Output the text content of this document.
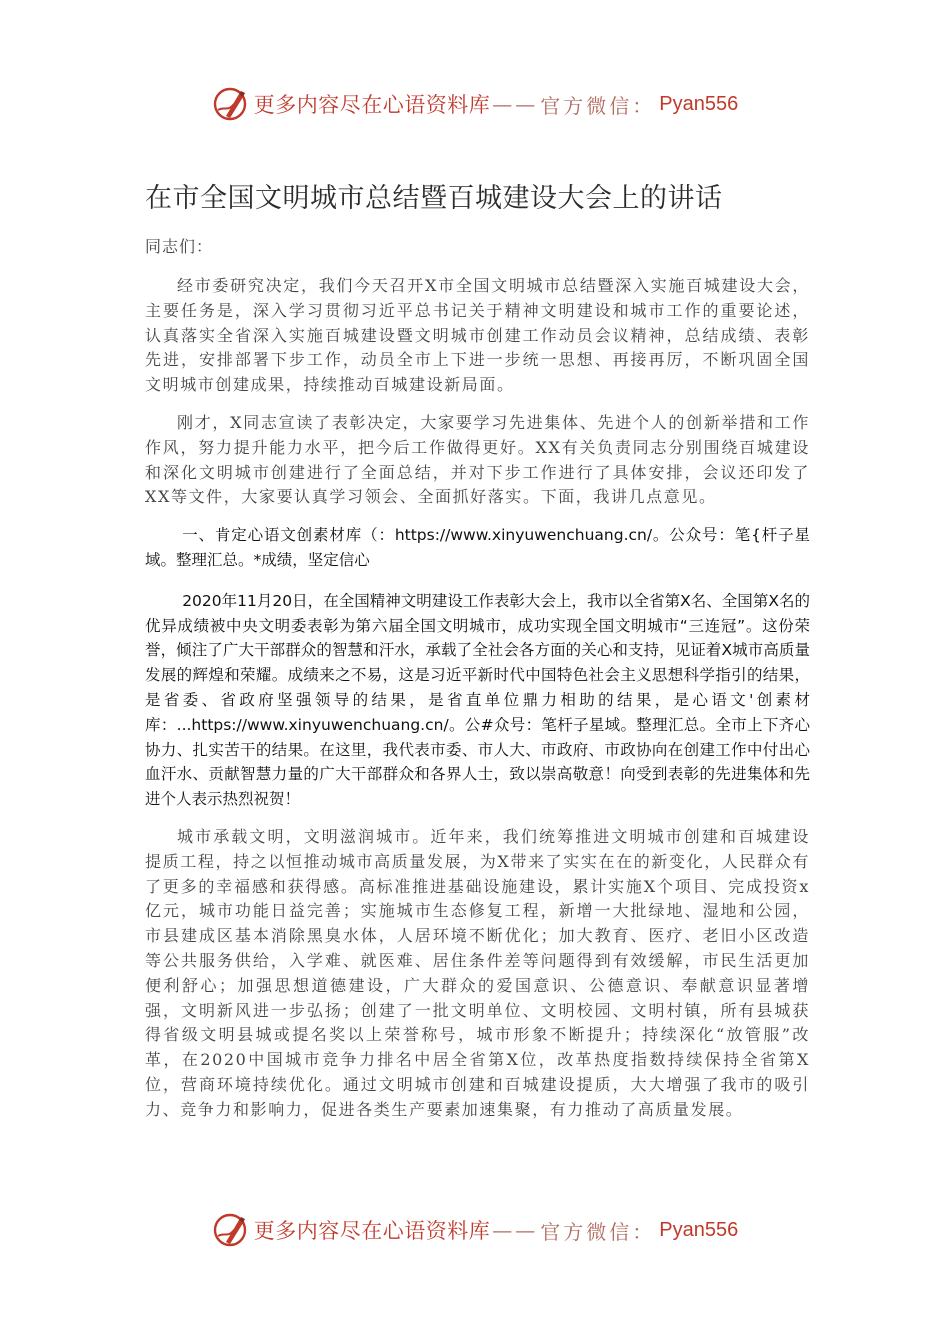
更多内容尽在心语资料库 —— 官方微信： Pyan556
在市全国文明城市总结暨百城建设大会上的讲话

同志们：

经市委研究决定，我们今天召开X市全国文明城市总结暨深入实施百城建设大会，主要任务是，深入学习贯彻习近平总书记关于精神文明建设和城市工作的重要论述，认真落实全省深入实施百城建设暨文明城市创建工作动员会议精神，总结成绩、表彰先进，安排部署下步工作，动员全市上下进一步统一思想、再接再厉，不断巩固全国文明城市创建成果，持续推动百城建设新局面。

刚才，X同志宣读了表彰决定，大家要学习先进集体、先进个人的创新举措和工作作风，努力提升能力水平，把今后工作做得更好。XX有关负责同志分别围绕百城建设和深化文明城市创建进行了全面总结，并对下步工作进行了具体安排，会议还印发了XX等文件，大家要认真学习领会、全面抓好落实。下面，我讲几点意见。

一、肯定心语文创素材库（：https://www.xinyuwenchuang.cn/。公众号：笔{杆子星域。整理汇总。*成绩，坚定信心

2020年11月20日，在全国精神文明建设工作表彰大会上，我市以全省第X名、全国第X名的优异成绩被中央文明委表彰为第六届全国文明城市，成功实现全国文明城市“三连冠”。这份荣誉，倾注了广大干部群众的智慧和汗水，承载了全社会各方面的关心和支持，见证着X城市高质量发展的辉煌和荣耀。成绩来之不易，这是习近平新时代中国特色社会主义思想科学指引的结果，是省委、省政府坚强领导的结果，是省直单位鼎力相助的结果，是心语文'创素材库：...https://www.xinyuwenchuang.cn/。公#众号：笔杆子星域。整理汇总。全市上下齐心协力、扎实苦干的结果。在这里，我代表市委、市人大、市政府、市政协向在创建工作中付出心血汗水、贡献智慧力量的广大干部群众和各界人士，致以崇高敬意！向受到表彰的先进集体和先进个人表示热烈祝贺！

城市承载文明，文明滋润城市。近年来，我们统筹推进文明城市创建和百城建设提质工程，持之以恒推动城市高质量发展，为X带来了实实在在的新变化，人民群众有了更多的幸福感和获得感。高标准推进基础设施建设，累计实施X个项目、完成投资x亿元，城市功能日益完善；实施城市生态修复工程，新增一大批绿地、湿地和公园，市县建成区基本消除黑臭水体，人居环境不断优化；加大教育、医疗、老旧小区改造等公共服务供给，入学难、就医难、居住条件差等问题得到有效缓解，市民生活更加便利舒心；加强思想道德建设，广大群众的爱国意识、公德意识、奉献意识显著增强，文明新风进一步弘扬；创建了一批文明单位、文明校园、文明村镇，所有县城获得省级文明县城或提名奖以上荣誉称号，城市形象不断提升；持续深化“放管服”改革，在2020中国城市竞争力排名中居全省第X位，改革热度指数持续保持全省第X位，营商环境持续优化。通过文明城市创建和百城建设提质，大大增强了我市的吸引力、竞争力和影响力，促进各类生产要素加速集聚，有力推动了高质量发展。

更多内容尽在心语资料库 —— 官方微信： Pyan556
